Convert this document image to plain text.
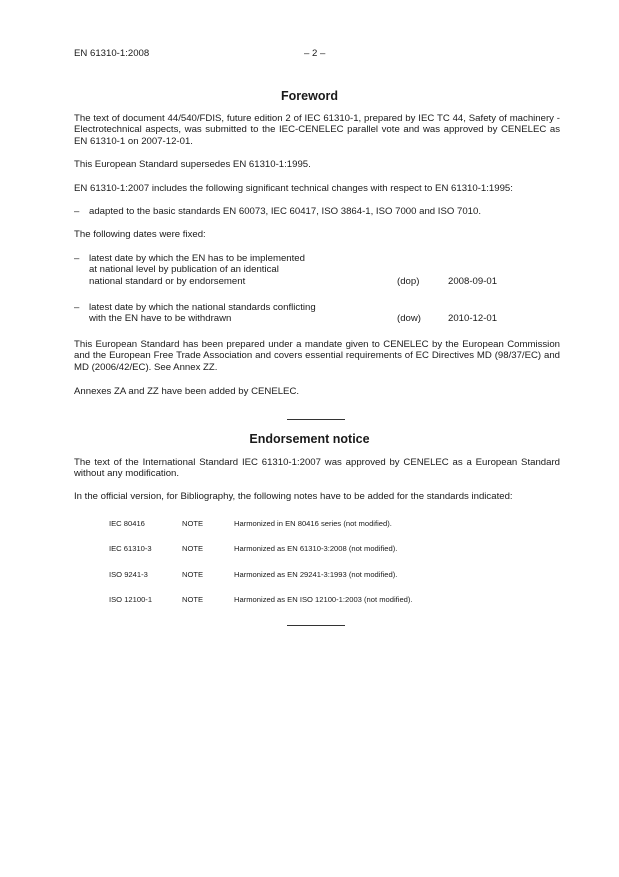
EN 61310-1:2008	– 2 –
Foreword

The text of document 44/540/FDIS, future edition 2 of IEC 61310-1, prepared by IEC TC 44, Safety of machinery - Electrotechnical aspects, was submitted to the IEC-CENELEC parallel vote and was approved by CENELEC as EN 61310-1 on 2007-12-01.

This European Standard supersedes EN 61310-1:1995.

EN 61310-1:2007 includes the following significant technical changes with respect to EN 61310-1:1995:

– adapted to the basic standards EN 60073, IEC 60417, ISO 3864-1, ISO 7000 and ISO 7010.

The following dates were fixed:

– latest date by which the EN has to be implemented
at national level by publication of an identical
national standard or by endorsement	(dop)	2008-09-01
– latest date by which the national standards conflicting
with the EN have to be withdrawn	(dow)	2010-12-01

This European Standard has been prepared under a mandate given to CENELEC by the European Commission and the European Free Trade Association and covers essential requirements of EC Directives MD (98/37/EC) and MD (2006/42/EC). See Annex ZZ.

Annexes ZA and ZZ have been added by CENELEC.

Endorsement notice

The text of the International Standard IEC 61310-1:2007 was approved by CENELEC as a European Standard without any modification.

In the official version, for Bibliography, the following notes have to be added for the standards indicated:

IEC 80416	NOTE	Harmonized in EN 80416 series (not modified).
IEC 61310-3	NOTE	Harmonized as EN 61310-3:2008 (not modified).
ISO 9241-3	NOTE	Harmonized as EN 29241-3:1993 (not modified).
ISO 12100-1	NOTE	Harmonized as EN ISO 12100-1:2003 (not modified).
